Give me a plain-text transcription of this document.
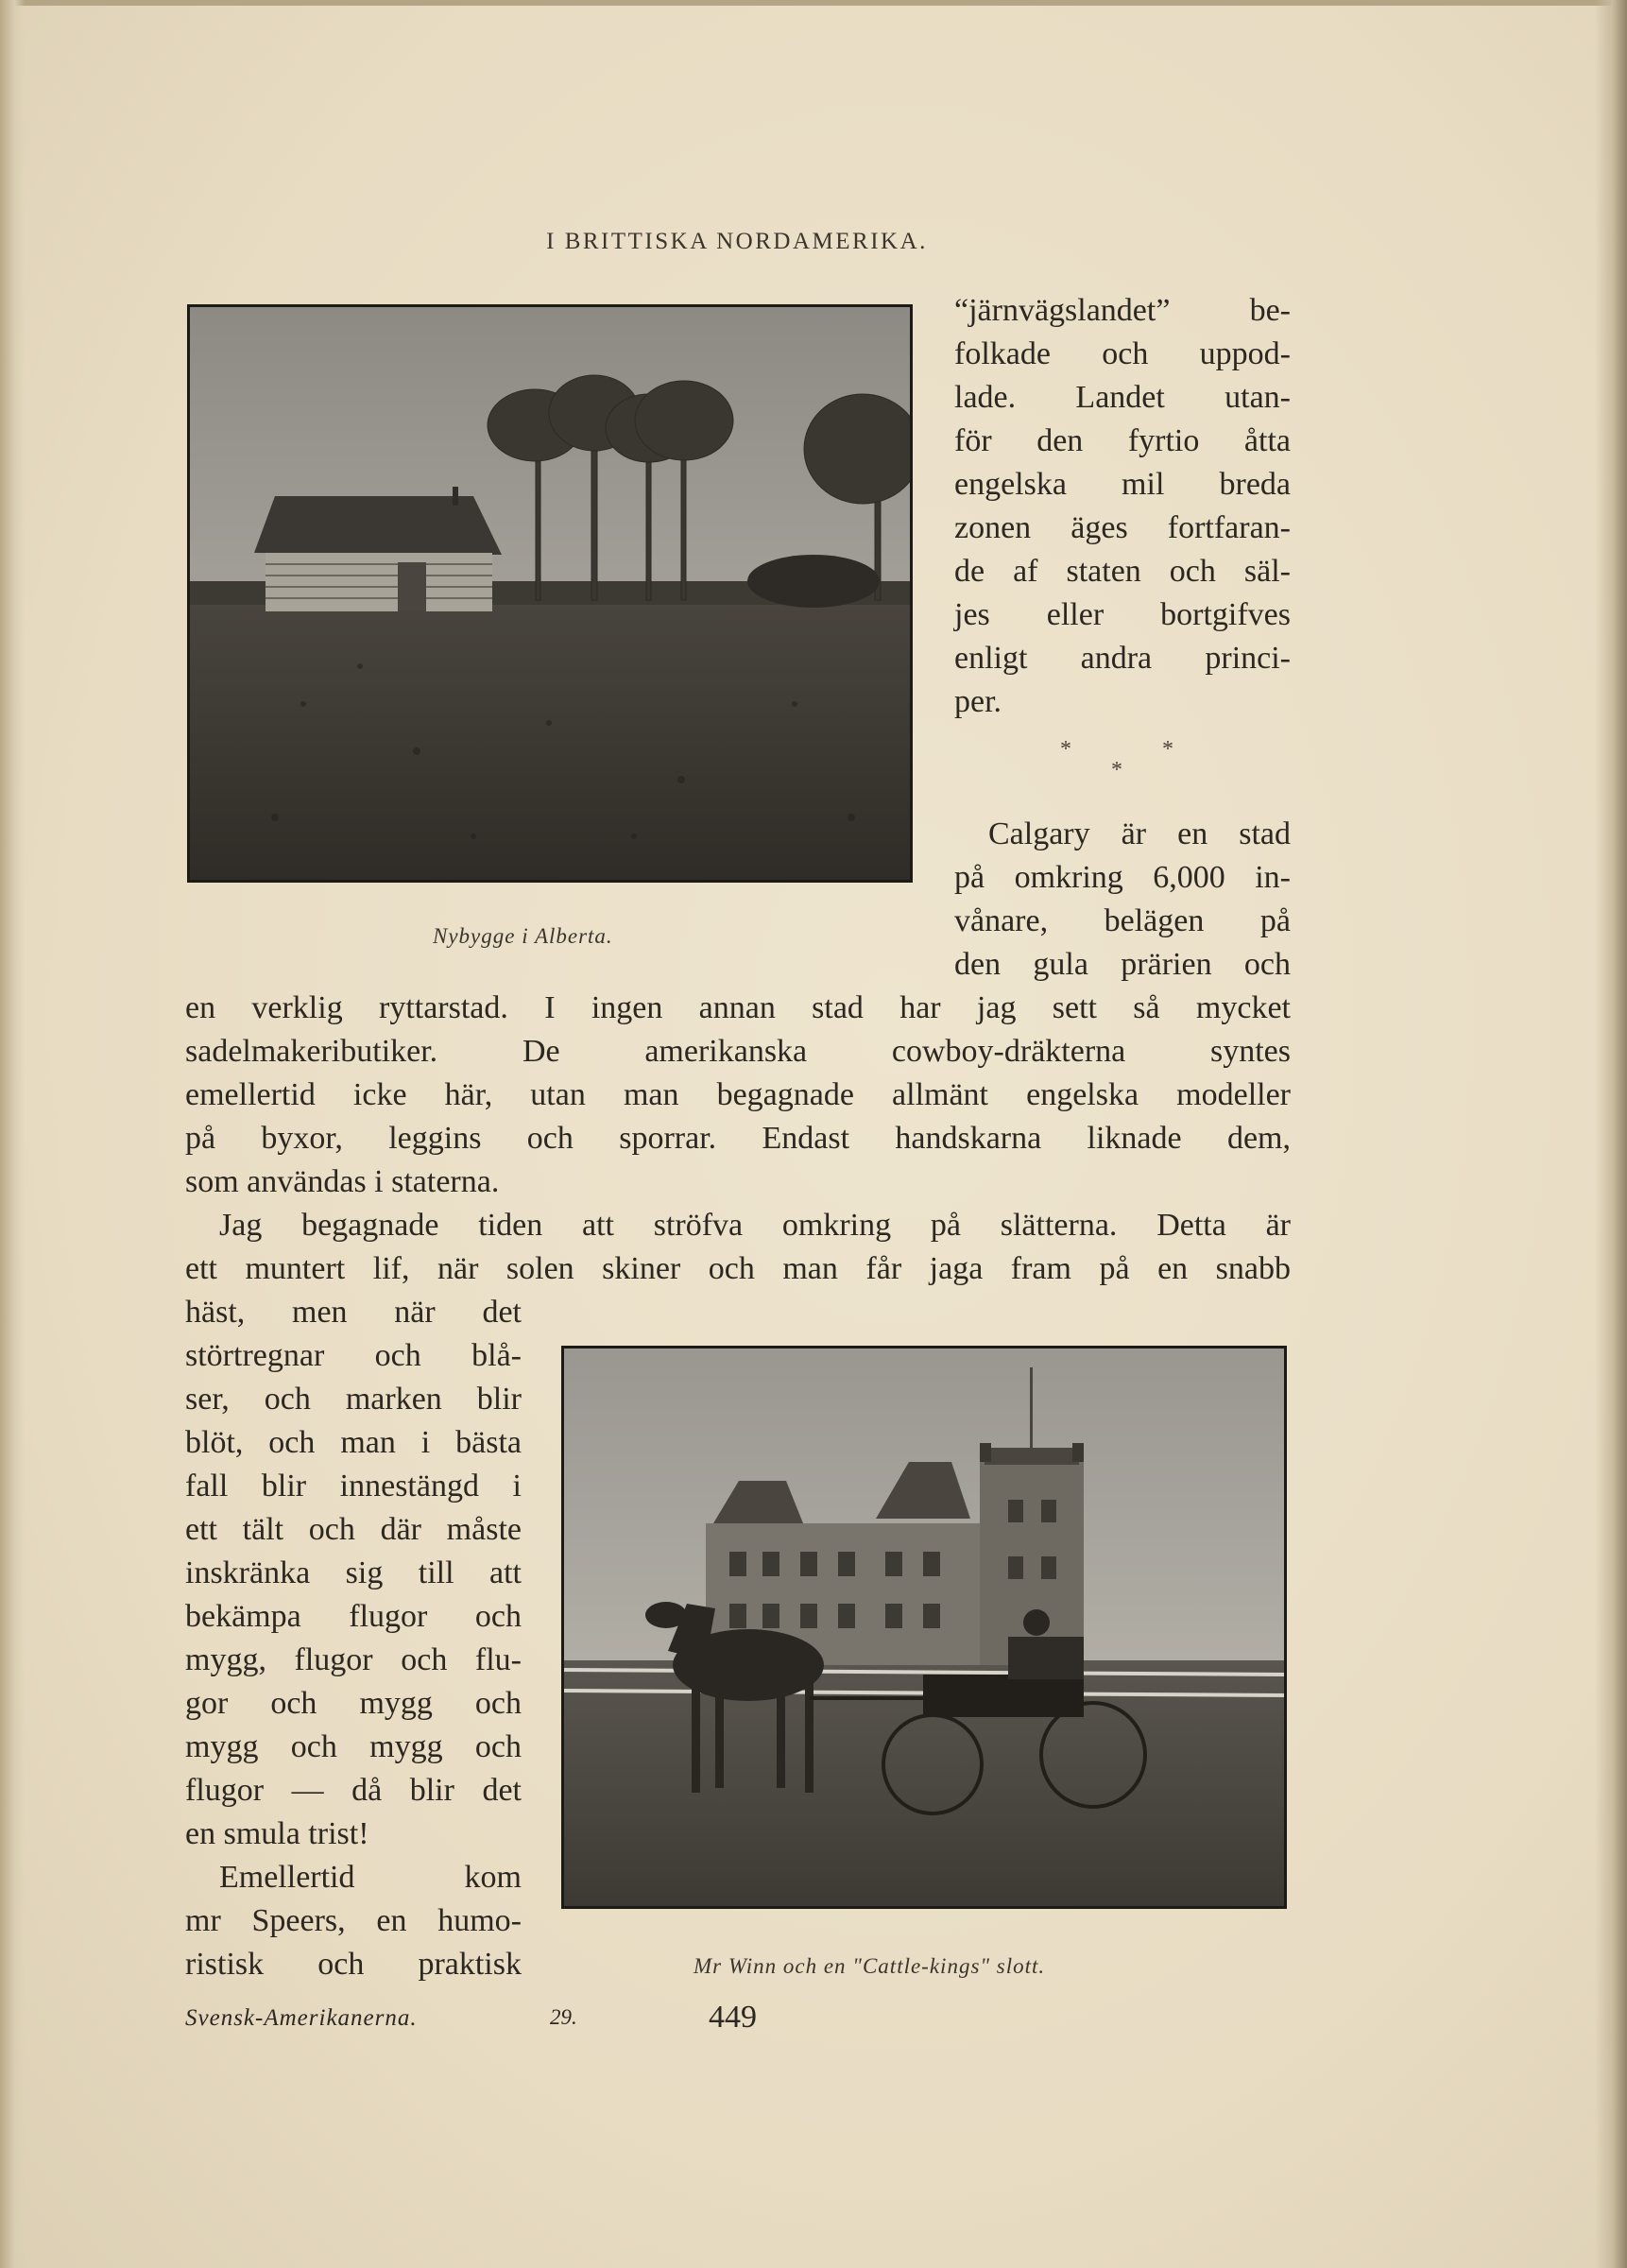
I BRITTISKA NORDAMERIKA.
Nybygge i Alberta.
“järnvägslandet” be-
folkade och uppod-
lade. Landet utan-
för den fyrtio åtta
engelska mil breda
zonen äges fortfaran-
de af staten och säl-
jes eller bortgifves
enligt andra princi-
per.
*	*
*
Calgary är en stad
på omkring 6,000 in-
vånare, belägen på
den gula prärien och
en verklig ryttarstad. I ingen annan stad har jag sett så mycket
sadelmakeributiker. De amerikanska cowboy-dräkterna syntes
emellertid icke här, utan man begagnade allmänt engelska modeller
på byxor, leggins och sporrar. Endast handskarna liknade dem,
som användas i staterna.
Jag begagnade tiden att ströfva omkring på slätterna. Detta är
ett muntert lif, när solen skiner och man får jaga fram på en snabb
häst, men när det
störtregnar och blå-
ser, och marken blir
blöt, och man i bästa
fall blir innestängd i
ett tält och där måste
inskränka sig till att
bekämpa flugor och
mygg, flugor och flu-
gor och mygg och
mygg och mygg och
flugor — då blir det
en smula trist!
Emellertid kom
mr Speers, en humo-
ristisk och praktisk	Mr Winn och en "Cattle-kings" slott.
Svensk-Amerikanerna.	29.	449
